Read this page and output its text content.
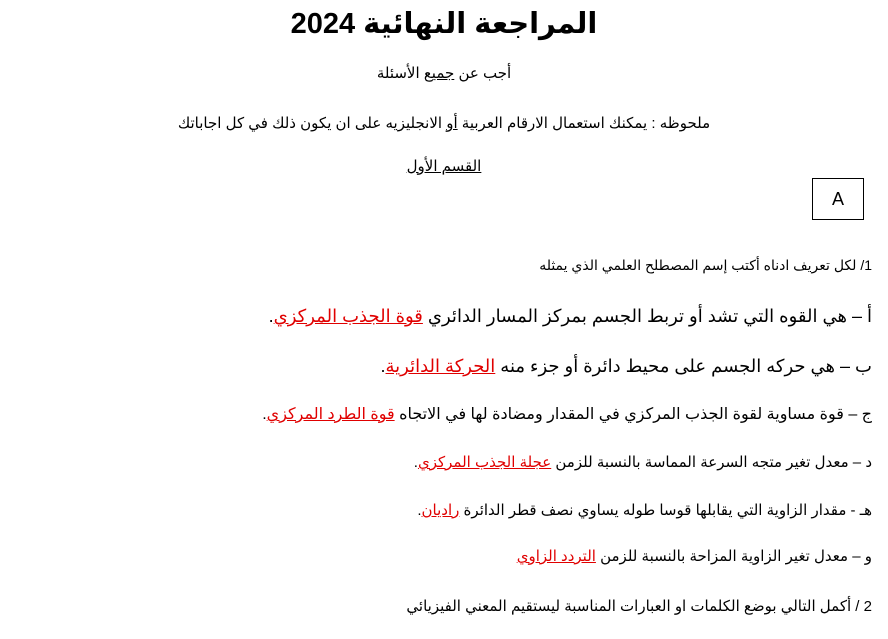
المراجعة النهائية 2024
أجب عن جميع الأسئلة
ملحوظه : يمكنك استعمال الارقام العربية أو الانجليزيه على ان يكون ذلك في كل اجاباتك
القسم الأول
A
1/ لكل تعريف ادناه أكتب إسم المصطلح العلمي الذي يمثله
أ – هي القوه التي تشد أو تربط الجسم بمركز المسار الدائري قوة الجذب المركزي.
ب – هي حركه الجسم على محيط دائرة أو جزء منه الحركة الدائرية.
ج – قوة مساوية لقوة الجذب المركزي في المقدار ومضادة لها في الاتجاه قوة الطرد المركزي.
د – معدل تغير متجه السرعة المماسة بالنسبة للزمن عجلة الجذب المركزي.
هـ - مقدار الزاوية التي يقابلها قوسا طوله يساوي نصف قطر الدائرة راديان.
و – معدل تغير الزاوية المزاحة بالنسبة للزمن التردد الزاوي
2 / أكمل التالي بوضع الكلمات او العبارات المناسبة ليستقيم المعني الفيزيائي
